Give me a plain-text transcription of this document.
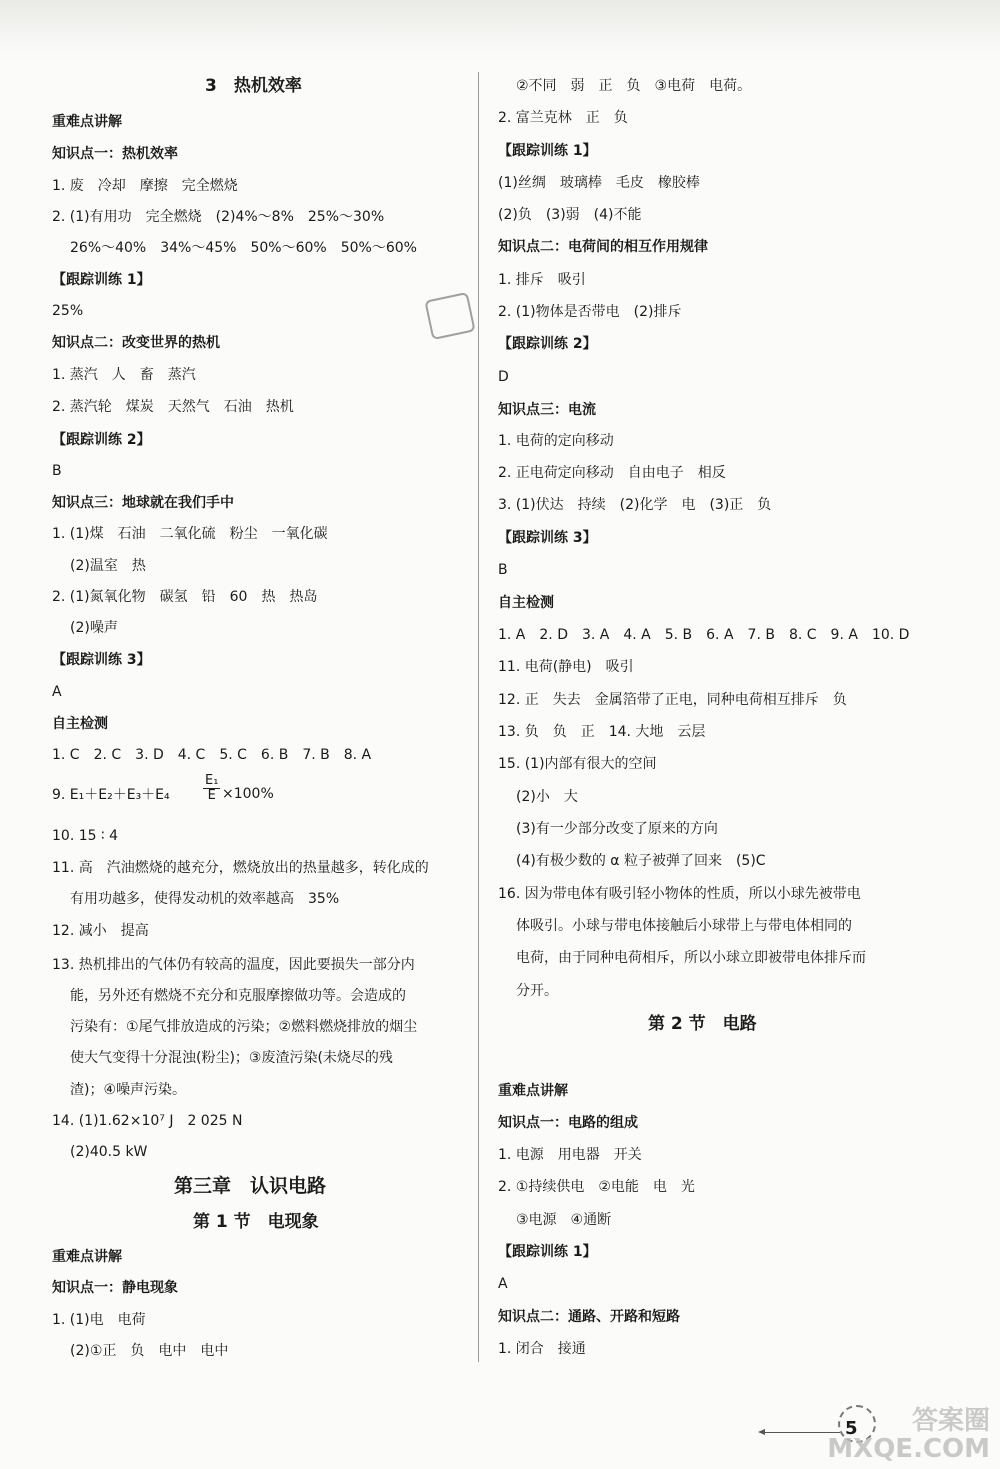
3　热机效率
重难点讲解
知识点一：热机效率
1. 废　冷却　摩擦　完全燃烧
2. (1)有用功　完全燃烧　(2)4%～8%　25%～30%
26%～40%　34%～45%　50%～60%　50%～60%
【跟踪训练 1】
25%
知识点二：改变世界的热机
1. 蒸汽　人　畜　蒸汽
2. 蒸汽轮　煤炭　天然气　石油　热机
【跟踪训练 2】
B
知识点三：地球就在我们手中
1. (1)煤　石油　二氧化硫　粉尘　一氧化碳
(2)温室　热
2. (1)氮氧化物　碳氢　铅　60　热　热岛
(2)噪声
【跟踪训练 3】
A
自主检测
1. C　2. C　3. D　4. C　5. C　6. B　7. B　8. A
9. E₁＋E₂＋E₃＋E₄
10. 15 ∶ 4
11. 高　汽油燃烧的越充分，燃烧放出的热量越多，转化成的
有用功越多，使得发动机的效率越高　35%
12. 减小　提高
13. 热机排出的气体仍有较高的温度，因此要损失一部分内
能，另外还有燃烧不充分和克服摩擦做功等。会造成的
污染有：①尾气排放造成的污染；②燃料燃烧排放的烟尘
使大气变得十分混浊(粉尘)；③废渣污染(未烧尽的残
渣)；④噪声污染。
14. (1)1.62×10⁷ J　2 025 N
(2)40.5 kW
第三章　认识电路
第 1 节　电现象
重难点讲解
知识点一：静电现象
1. (1)电　电荷
(2)①正　负　电中　电中
②不同　弱　正　负　③电荷　电荷。
2. 富兰克林　正　负
【跟踪训练 1】
(1)丝绸　玻璃棒　毛皮　橡胶棒
(2)负　(3)弱　(4)不能
知识点二：电荷间的相互作用规律
1. 排斥　吸引
2. (1)物体是否带电　(2)排斥
【跟踪训练 2】
D
知识点三：电流
1. 电荷的定向移动
2. 正电荷定向移动　自由电子　相反
3. (1)伏达　持续　(2)化学　电　(3)正　负
【跟踪训练 3】
B
自主检测
1. A　2. D　3. A　4. A　5. B　6. A　7. B　8. C　9. A　10. D
11. 电荷(静电)　吸引
12. 正　失去　金属箔带了正电，同种电荷相互排斥　负
13. 负　负　正　14. 大地　云层
15. (1)内部有很大的空间
(2)小　大
(3)有一少部分改变了原来的方向
(4)有极少数的 α 粒子被弹了回来　(5)C
16. 因为带电体有吸引轻小物体的性质，所以小球先被带电
体吸引。小球与带电体接触后小球带上与带电体相同的
电荷，由于同种电荷相斥，所以小球立即被带电体排斥而
分开。
第 2 节　电路
重难点讲解
知识点一：电路的组成
1. 电源　用电器　开关
2. ①持续供电　②电能　电　光
③电源　④通断
【跟踪训练 1】
A
知识点二：通路、开路和短路
1. 闭合　接通
$\frac{\text{E₁}}{E} \times 100\%$
5	答案圈
MXQE.COM
